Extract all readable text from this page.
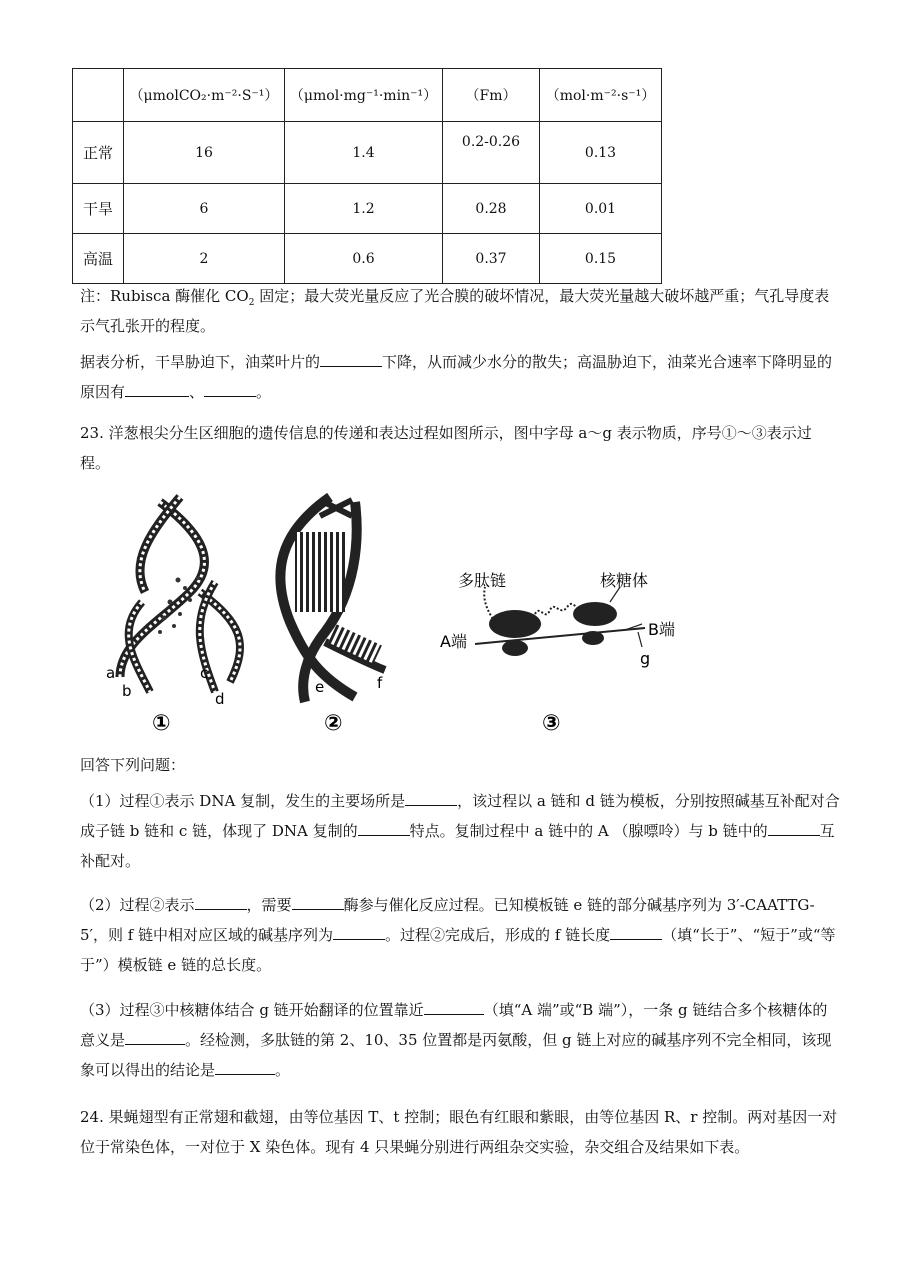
	（μmolCO₂·m⁻²·S⁻¹）	（μmol·mg⁻¹·min⁻¹）	（Fm）	（mol·m⁻²·s⁻¹）
正常	16	1.4	0.2-0.26	0.13
干旱	6	1.2	0.28	0.01
高温	2	0.6	0.37	0.15

注：Rubisca 酶催化 $CO_2$ 固定；最大荧光量反应了光合膜的破坏情况，最大荧光量越大破坏越严重；气孔导度表示气孔张开的程度。

据表分析，干旱胁迫下，油菜叶片的	下降，从而减少水分的散失；高温胁迫下，油菜光合速率下降明显的原因有	、	。

23. 洋葱根尖分生区细胞的遗传信息的传递和表达过程如图所示，图中字母 a～g 表示物质，序号①～③表示过程。

a
b
c
d
①
e	f
②
多肽链	核糖体
A端
B端
g
③

回答下列问题：

（1）过程①表示 DNA 复制，发生的主要场所是	，该过程以 a 链和 d 链为模板，分别按照碱基互补配对合成子链 b 链和 c 链，体现了 DNA 复制的	特点。复制过程中 a 链中的 A （腺嘌呤）与 b 链中的	互补配对。

（2）过程②表示	，需要	酶参与催化反应过程。已知模板链 e 链的部分碱基序列为 3′-CAATTG-5′，则 f 链中相对应区域的碱基序列为	。过程②完成后，形成的 f 链长度	（填“长于”、“短于”或“等于”）模板链 e 链的总长度。

（3）过程③中核糖体结合 g 链开始翻译的位置靠近	（填“A 端”或“B 端”），一条 g 链结合多个核糖体的意义是	。经检测，多肽链的第 2、10、35 位置都是丙氨酸，但 g 链上对应的碱基序列不完全相同，该现象可以得出的结论是	。

24. 果蝇翅型有正常翅和截翅，由等位基因 T、t 控制；眼色有红眼和紫眼，由等位基因 R、r 控制。两对基因一对位于常染色体，一对位于 X 染色体。现有 4 只果蝇分别进行两组杂交实验，杂交组合及结果如下表。
